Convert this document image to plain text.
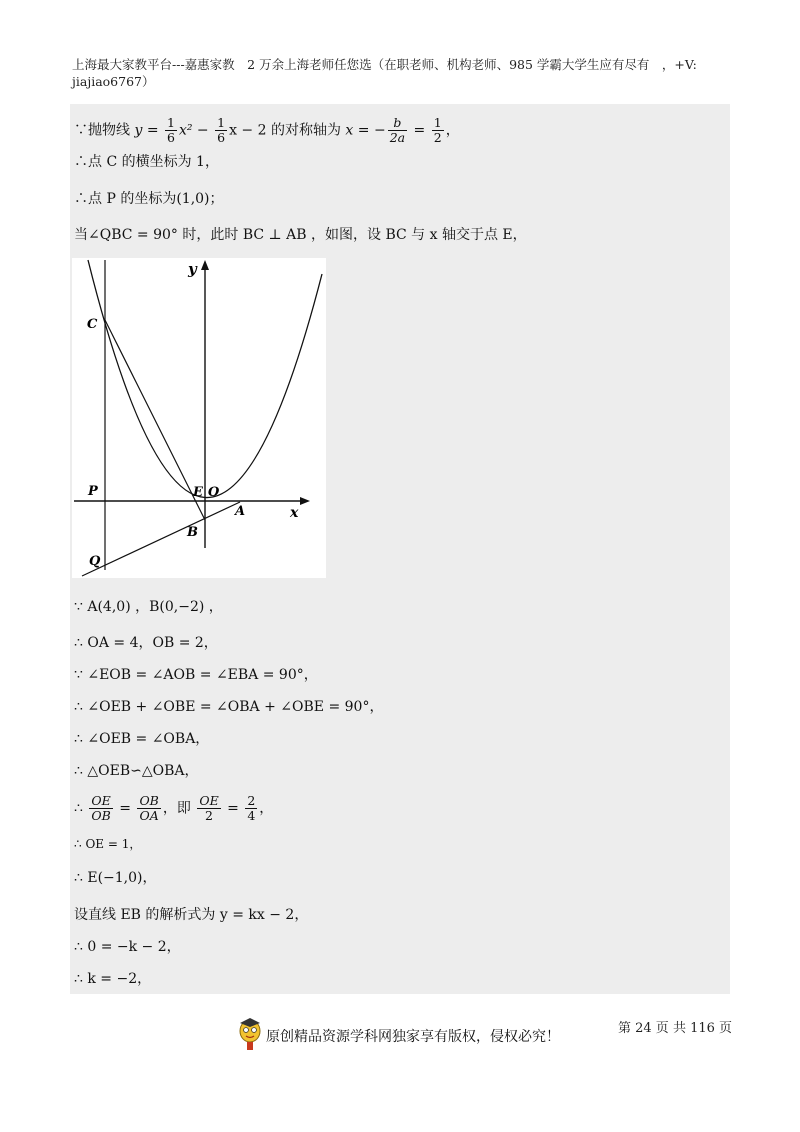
上海最大家教平台---嘉惠家教　2 万余上海老师任您选（在职老师、机构老师、985 学霸大学生应有尽有　，+V:
jiajiao6767）
∵抛物线 $y = \frac{1}{6} x^2 - \frac{1}{6}$ x − 2 的对称轴为 x = − $\frac{b}{2a} = \frac{1}{2}$ ，
∴点 C 的横坐标为 1，
∴点 P 的坐标为(1,0)；
当∠QBC = 90° 时，此时 BC ⊥ AB ，如图，设 BC 与 x 轴交于点 E，
y
x
C
P	E O
A
B
Q
∵ A(4,0) ，B(0,−2) ，
∴ OA = 4，OB = 2，
∵ ∠EOB = ∠AOB = ∠EBA = 90°，
∴ ∠OEB + ∠OBE = ∠OBA + ∠OBE = 90°，
∴ ∠OEB = ∠OBA，
∴ △OEB∽△OBA，
∴ $\frac{OE}{OB} = \frac{OB}{OA}$ ，即 $\frac{OE}{2} = \frac{2}{4}$ ，
∴ OE = 1，
∴ E(−1,0)，
设直线 EB 的解析式为 y = kx − 2，
∴ 0 = −k − 2，
∴ k = −2，
原创精品资源学科网独家享有版权，侵权必究！
第 24 页 共 116 页
